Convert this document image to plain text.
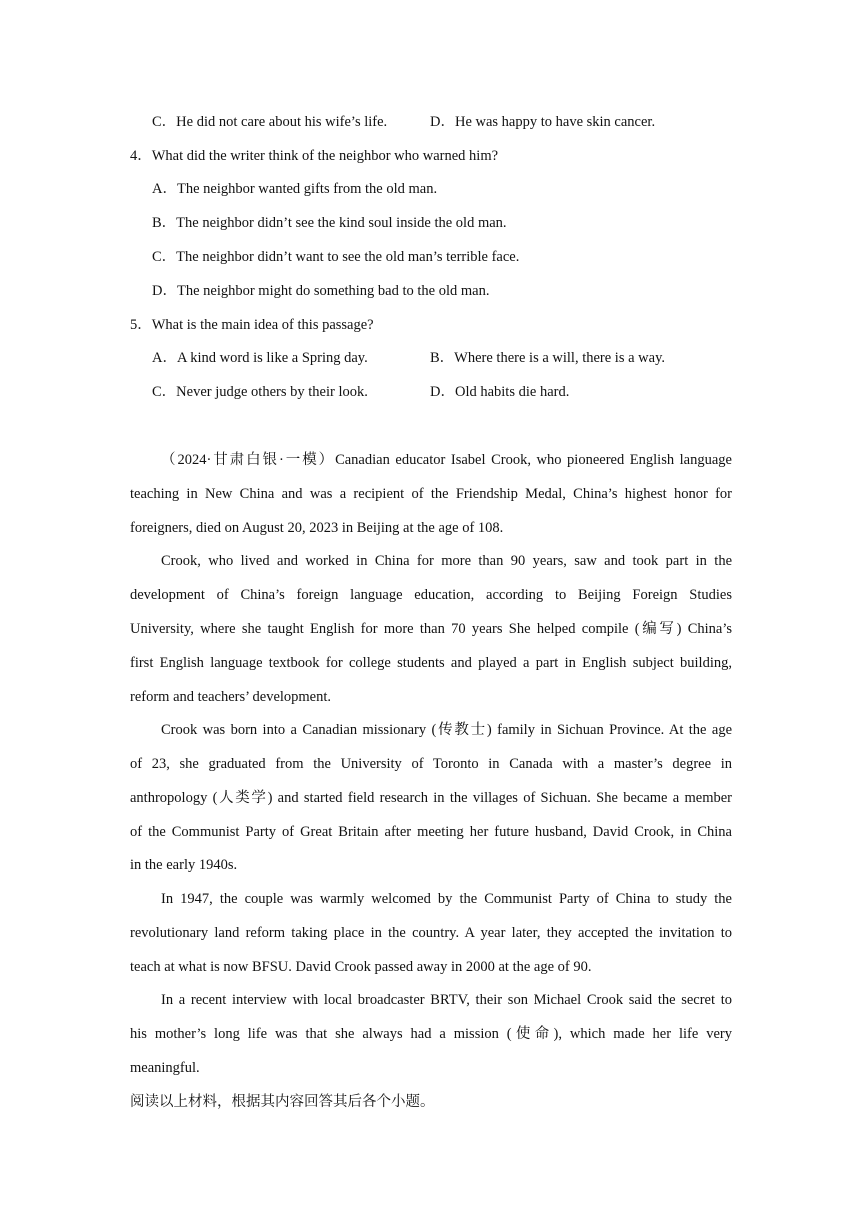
C．He did not care about his wife’s life.	D．He was happy to have skin cancer.
4．What did the writer think of the neighbor who warned him?
A．The neighbor wanted gifts from the old man.
B．The neighbor didn’t see the kind soul inside the old man.
C．The neighbor didn’t want to see the old man’s terrible face.
D．The neighbor might do something bad to the old man.
5．What is the main idea of this passage?
A．A kind word is like a Spring day.	B．Where there is a will, there is a way.
C．Never judge others by their look.	D．Old habits die hard.
（2024·甘肃白银·一模）Canadian educator Isabel Crook, who pioneered English language
teaching in New China and was a recipient of the Friendship Medal, China’s highest honor for
foreigners, died on August 20, 2023 in Beijing at the age of 108.
Crook, who lived and worked in China for more than 90 years, saw and took part in the
development of China’s foreign language education, according to Beijing Foreign Studies
University, where she taught English for more than 70 years She helped compile (编写) China’s
first English language textbook for college students and played a part in English subject building,
reform and teachers’ development.
Crook was born into a Canadian missionary (传教士) family in Sichuan Province. At the age
of 23, she graduated from the University of Toronto in Canada with a master’s degree in
anthropology (人类学) and started field research in the villages of Sichuan. She became a member
of the Communist Party of Great Britain after meeting her future husband, David Crook, in China
in the early 1940s.
In 1947, the couple was warmly welcomed by the Communist Party of China to study the
revolutionary land reform taking place in the country. A year later, they accepted the invitation to
teach at what is now BFSU. David Crook passed away in 2000 at the age of 90.
In a recent interview with local broadcaster BRTV, their son Michael Crook said the secret to
his mother’s long life was that she always had a mission (使命), which made her life very
meaningful.
阅读以上材料，根据其内容回答其后各个小题。
